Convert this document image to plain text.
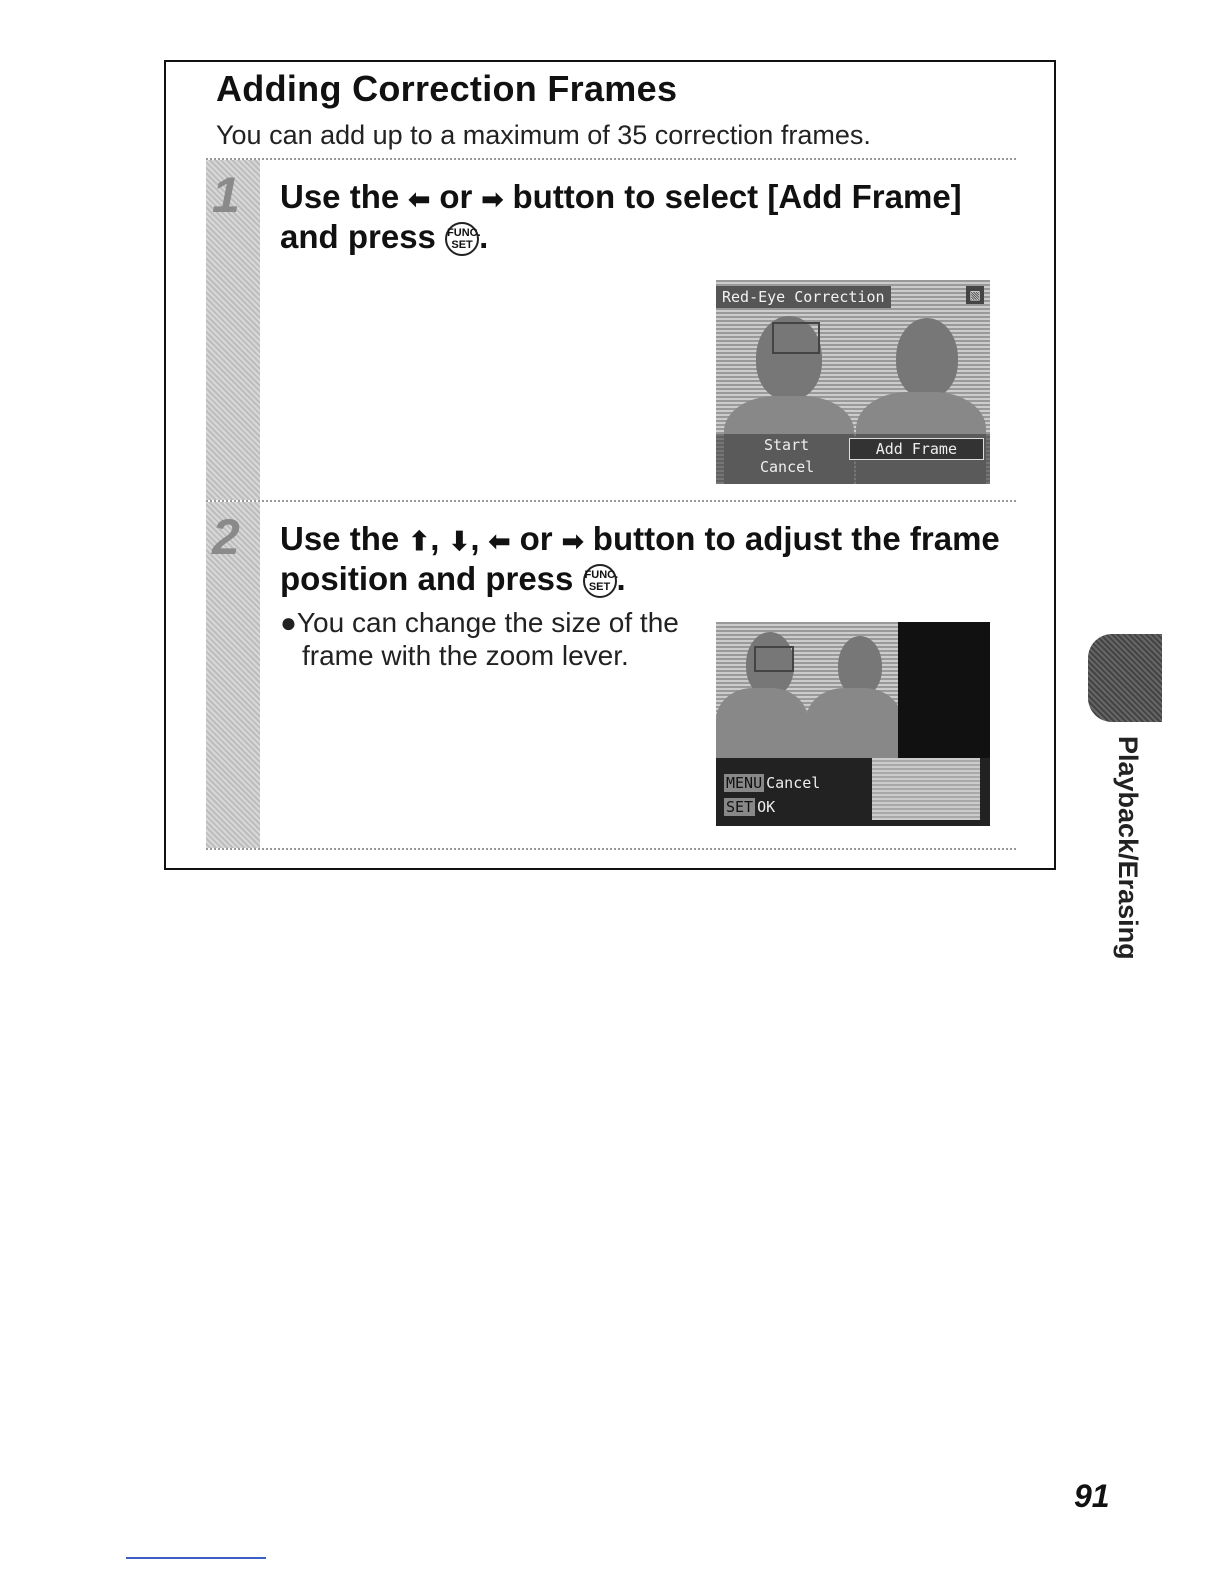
Adding Correction Frames

You can add up to a maximum of 35 correction frames.

1 Use the ⬅︎ or ➡︎ button to select [Add Frame] and press FUNC. SET .

Red-Eye Correction	▧
Start
Cancel
Add Frame
2 Use the ⬆︎, ⬇︎, ⬅︎ or ➡︎ button to adjust the frame position and press FUNC. SET .

●You can change the size of the frame with the zoom lever.

MENU Cancel
SET OK	Playback/Erasing

91
